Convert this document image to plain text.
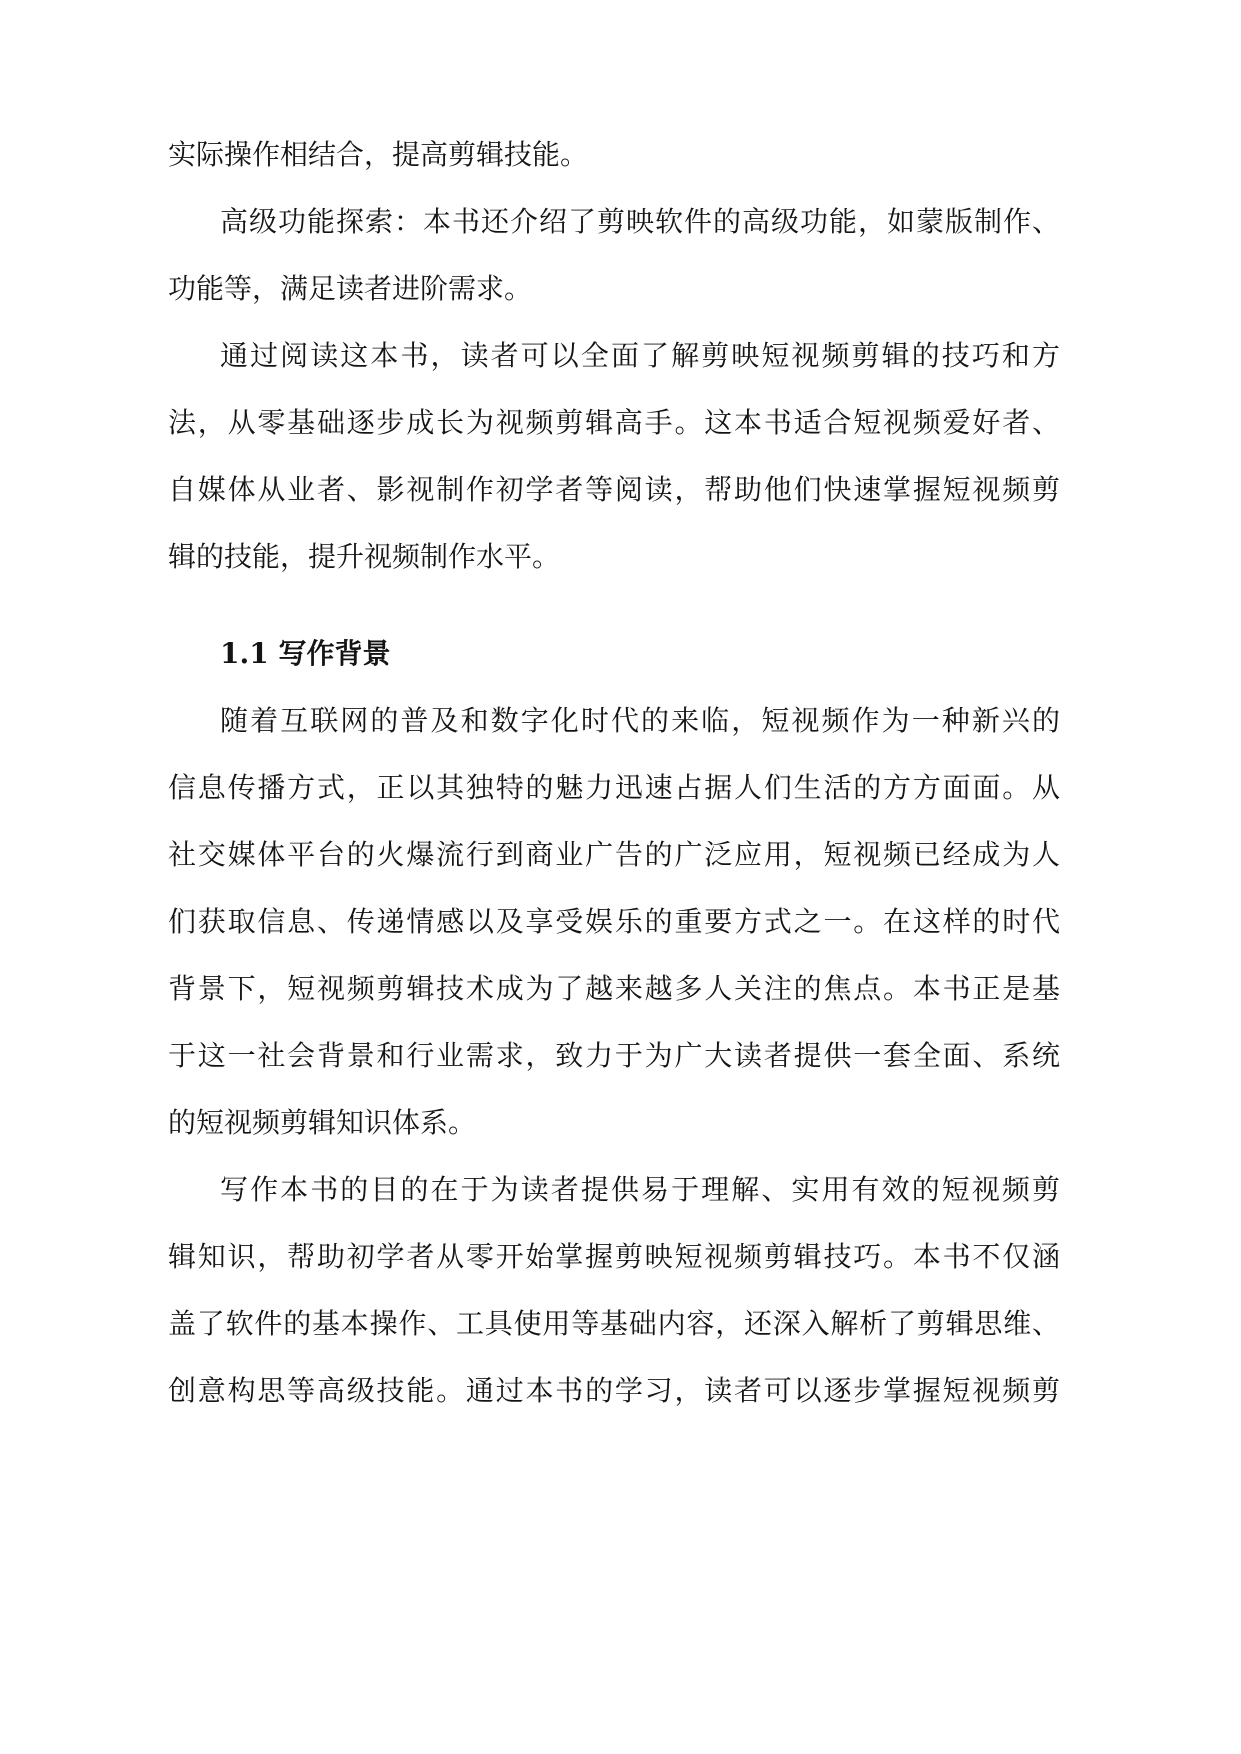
实际操作相结合，提高剪辑技能。
高级功能探索：本书还介绍了剪映软件的高级功能，如蒙版制作、
功能等，满足读者进阶需求。
通过阅读这本书，读者可以全面了解剪映短视频剪辑的技巧和方
法，从零基础逐步成长为视频剪辑高手。这本书适合短视频爱好者、
自媒体从业者、影视制作初学者等阅读，帮助他们快速掌握短视频剪
辑的技能，提升视频制作水平。
1.1 写作背景
随着互联网的普及和数字化时代的来临，短视频作为一种新兴的
信息传播方式，正以其独特的魅力迅速占据人们生活的方方面面。从
社交媒体平台的火爆流行到商业广告的广泛应用，短视频已经成为人
们获取信息、传递情感以及享受娱乐的重要方式之一。在这样的时代
背景下，短视频剪辑技术成为了越来越多人关注的焦点。本书正是基
于这一社会背景和行业需求，致力于为广大读者提供一套全面、系统
的短视频剪辑知识体系。
写作本书的目的在于为读者提供易于理解、实用有效的短视频剪
辑知识，帮助初学者从零开始掌握剪映短视频剪辑技巧。本书不仅涵
盖了软件的基本操作、工具使用等基础内容，还深入解析了剪辑思维、
创意构思等高级技能。通过本书的学习，读者可以逐步掌握短视频剪
